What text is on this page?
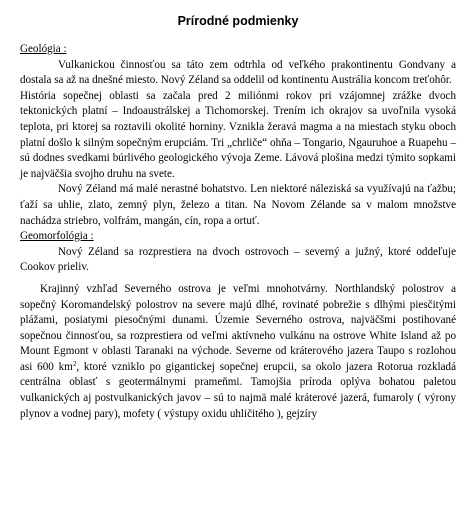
Prírodné podmienky

Geológia :

Vulkanickou činnosťou sa táto zem odtrhla od veľkého prakontinentu Gondvany a dostala sa až na dnešné miesto. Nový Zéland sa oddelil od kontinentu Austrália koncom treťohôr.

História sopečnej oblasti sa začala pred 2 miliónmi rokov pri vzájomnej zrážke dvoch tektonických platní – Indoaustrálskej a Tichomorskej. Trením ich okrajov sa uvoľnila vysoká teplota, pri ktorej sa roztavili okolité horniny. Vznikla žeravá magma a na miestach styku oboch platní došlo k silným sopečným erupciám. Tri „chrliče“ ohňa – Tongario, Ngauruhoe a Ruapehu – sú dodnes svedkami búrlivého geologického vývoja Zeme. Lávová plošina medzi týmito sopkami je najväčšia svojho druhu na svete.

Nový Zéland má malé nerastné bohatstvo. Len niektoré náleziská sa využívajú na ťažbu; ťaží sa uhlie, zlato, zemný plyn, železo a titan. Na Novom Zélande sa v malom množstve nachádza striebro, volfrám, mangán, cín, ropa a ortuť.

Geomorfológia :

Nový Zéland sa rozprestiera na dvoch ostrovoch – severný a južný, ktoré oddeľuje Cookov prieliv.

Krajinný vzhľad Severného ostrova je veľmi mnohotvárny. Northlandský polostrov a sopečný Koromandelský polostrov na severe majú dlhé, rovinaté pobrežie s dlhými piesčitými plážami, posiatymi piesočnými dunami. Územie Severného ostrova, najväčšmi postihované sopečnou činnosťou, sa rozprestiera od veľmi aktívneho vulkánu na ostrove White Island až po Mount Egmont v oblasti Taranaki na východe. Severne od kráterového jazera Taupo s rozlohou asi 600 $km^2$, ktoré vzniklo po gigantickej sopečnej erupcii, sa okolo jazera Rotorua rozkladá centrálna oblasť s geotermálnymi prameňmi. Tamojšia príroda oplýva bohatou paletou vulkanických aj postvulkanických javov – sú to najmä malé kráterové jazerá, fumaroly ( výrony plynov a vodnej pary), mofety ( výstupy oxidu uhličitého ), gejzíry
